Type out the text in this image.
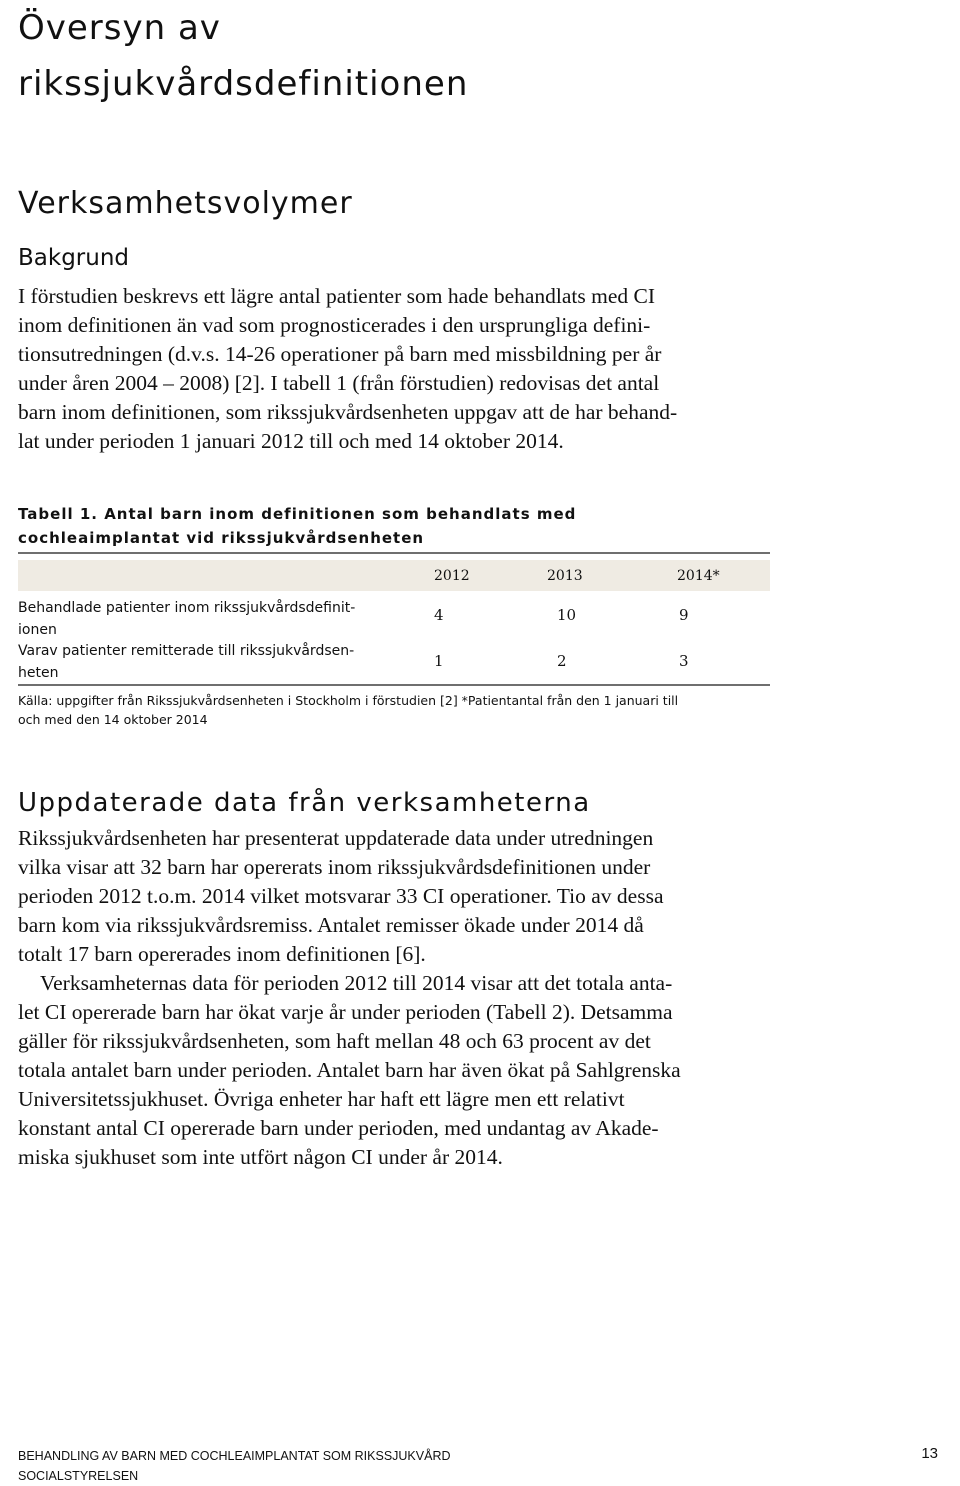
Översyn av
rikssjukvårdsdefinitionen
Verksamhetsvolymer
Bakgrund

I förstudien beskrevs ett lägre antal patienter som hade behandlats med CI

inom definitionen än vad som prognosticerades i den ursprungliga defini-

tionsutredningen (d.v.s. 14-26 operationer på barn med missbildning per år

under åren 2004 – 2008) [2]. I tabell 1 (från förstudien) redovisas det antal

barn inom definitionen, som rikssjukvårdsenheten uppgav att de har behand-

lat under perioden 1 januari 2012 till och med 14 oktober 2014.

Tabell 1. Antal barn inom definitionen som behandlats med
cochleaimplantat vid rikssjukvårdsenheten

2012	2013	2014*
Behandlade patienter inom rikssjukvårdsdefinit-
ionen
4	10	9
Varav patienter remitterade till rikssjukvårdsen-
heten
1	2	3

Källa: uppgifter från Rikssjukvårdsenheten i Stockholm i förstudien [2] *Patientantal från den 1 januari till
och med den 14 oktober 2014

Uppdaterade data från verksamheterna

Rikssjukvårdsenheten har presenterat uppdaterade data under utredningen

vilka visar att 32 barn har opererats inom rikssjukvårdsdefinitionen under

perioden 2012 t.o.m. 2014 vilket motsvarar 33 CI operationer. Tio av dessa

barn kom via rikssjukvårdsremiss. Antalet remisser ökade under 2014 då

totalt 17 barn opererades inom definitionen [6].

Verksamheternas data för perioden 2012 till 2014 visar att det totala anta-

let CI opererade barn har ökat varje år under perioden (Tabell 2). Detsamma

gäller för rikssjukvårdsenheten, som haft mellan 48 och 63 procent av det

totala antalet barn under perioden. Antalet barn har även ökat på Sahlgrenska

Universitetssjukhuset. Övriga enheter har haft ett lägre men ett relativt

konstant antal CI opererade barn under perioden, med undantag av Akade-

miska sjukhuset som inte utfört någon CI under år 2014.

BEHANDLING AV BARN MED COCHLEAIMPLANTAT SOM RIKSSJUKVÅRD
SOCIALSTYRELSEN
13
